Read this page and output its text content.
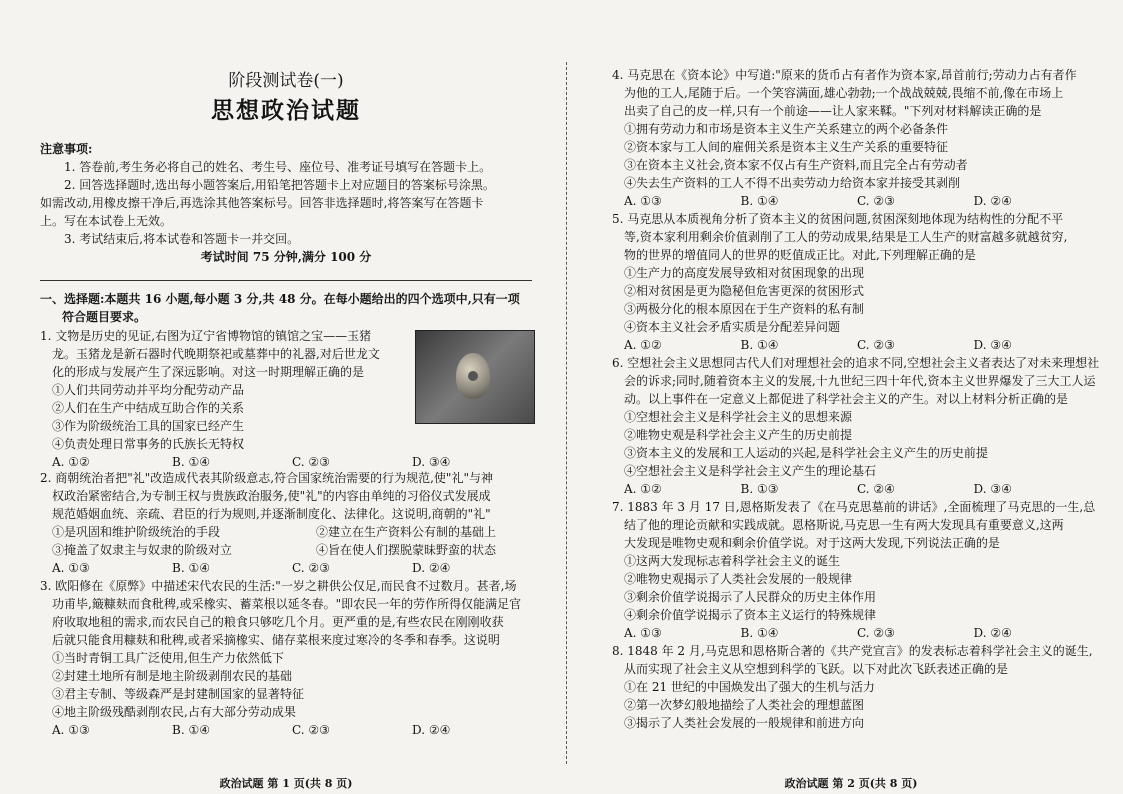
阶段测试卷(一)
思想政治试题
注意事项:
1. 答卷前,考生务必将自己的姓名、考生号、座位号、准考证号填写在答题卡上。
2. 回答选择题时,选出每小题答案后,用铅笔把答题卡上对应题目的答案标号涂黑。
如需改动,用橡皮擦干净后,再选涂其他答案标号。回答非选择题时,将答案写在答题卡
上。写在本试卷上无效。
3. 考试结束后,将本试卷和答题卡一并交回。
考试时间 75 分钟,满分 100 分
一、选择题:本题共 16 小题,每小题 3 分,共 48 分。在每小题给出的四个选项中,只有一项
符合题目要求。
1. 文物是历史的见证,右图为辽宁省博物馆的镇馆之宝——玉猪
龙。玉猪龙是新石器时代晚期祭祀或墓葬中的礼器,对后世龙文
化的形成与发展产生了深远影响。对这一时期理解正确的是
①人们共同劳动并平均分配劳动产品
②人们在生产中结成互助合作的关系
③作为阶级统治工具的国家已经产生
④负责处理日常事务的氏族长无特权
A. ①②	B. ①④	C. ②③	D. ③④
2. 商朝统治者把"礼"改造成代表其阶级意志,符合国家统治需要的行为规范,使"礼"与神
权政治紧密结合,为专制王权与贵族政治服务,使"礼"的内容由单纯的习俗仪式发展成
规范婚姻血统、亲疏、君臣的行为规则,并逐渐制度化、法律化。这说明,商朝的"礼"
①是巩固和维护阶级统治的手段	②建立在生产资料公有制的基础上
③掩盖了奴隶主与奴隶的阶级对立	④旨在使人们摆脱蒙昧野蛮的状态
A. ①③	B. ①④	C. ②③	D. ②④
3. 欧阳修在《原弊》中描述宋代农民的生活:"一岁之耕供公仅足,而民食不过数月。甚者,场
功甫毕,簸糠麸而食秕稗,或采橡实、蓄菜根以延冬春。"即农民一年的劳作所得仅能满足官
府收取地租的需求,而农民自己的粮食只够吃几个月。更严重的是,有些农民在刚刚收获
后就只能食用糠麸和秕稗,或者采摘橡实、储存菜根来度过寒冷的冬季和春季。这说明
①当时青铜工具广泛使用,但生产力依然低下
②封建土地所有制是地主阶级剥削农民的基础
③君主专制、等级森严是封建制国家的显著特征
④地主阶级残酷剥削农民,占有大部分劳动成果
A. ①③	B. ①④	C. ②③	D. ②④
政治试题 第 1 页(共 8 页)
4. 马克思在《资本论》中写道:"原来的货币占有者作为资本家,昂首前行;劳动力占有者作
为他的工人,尾随于后。一个笑容满面,雄心勃勃;一个战战兢兢,畏缩不前,像在市场上
出卖了自己的皮一样,只有一个前途——让人家来鞣。"下列对材料解读正确的是
①拥有劳动力和市场是资本主义生产关系建立的两个必备条件
②资本家与工人间的雇佣关系是资本主义生产关系的重要特征
③在资本主义社会,资本家不仅占有生产资料,而且完全占有劳动者
④失去生产资料的工人不得不出卖劳动力给资本家并接受其剥削
A. ①③	B. ①④	C. ②③	D. ②④
5. 马克思从本质视角分析了资本主义的贫困问题,贫困深刻地体现为结构性的分配不平
等,资本家利用剩余价值剥削了工人的劳动成果,结果是工人生产的财富越多就越贫穷,
物的世界的增值同人的世界的贬值成正比。对此,下列理解正确的是
①生产力的高度发展导致相对贫困现象的出现
②相对贫困是更为隐秘但危害更深的贫困形式
③两极分化的根本原因在于生产资料的私有制
④资本主义社会矛盾实质是分配差异问题
A. ①②	B. ①④	C. ②③	D. ③④
6. 空想社会主义思想同古代人们对理想社会的追求不同,空想社会主义者表达了对未来理想社
会的诉求;同时,随着资本主义的发展,十九世纪三四十年代,资本主义世界爆发了三大工人运
动。以上事件在一定意义上都促进了科学社会主义的产生。对以上材料分析正确的是
①空想社会主义是科学社会主义的思想来源
②唯物史观是科学社会主义产生的历史前提
③资本主义的发展和工人运动的兴起,是科学社会主义产生的历史前提
④空想社会主义是科学社会主义产生的理论基石
A. ①②	B. ①③	C. ②④	D. ③④
7. 1883 年 3 月 17 日,恩格斯发表了《在马克思墓前的讲话》,全面梳理了马克思的一生,总
结了他的理论贡献和实践成就。恩格斯说,马克思一生有两大发现具有重要意义,这两
大发现是唯物史观和剩余价值学说。对于这两大发现,下列说法正确的是
①这两大发现标志着科学社会主义的诞生
②唯物史观揭示了人类社会发展的一般规律
③剩余价值学说揭示了人民群众的历史主体作用
④剩余价值学说揭示了资本主义运行的特殊规律
A. ①③	B. ①④	C. ②③	D. ②④
8. 1848 年 2 月,马克思和恩格斯合著的《共产党宣言》的发表标志着科学社会主义的诞生,
从而实现了社会主义从空想到科学的飞跃。以下对此次飞跃表述正确的是
①在 21 世纪的中国焕发出了强大的生机与活力
②第一次梦幻般地描绘了人类社会的理想蓝图
③揭示了人类社会发展的一般规律和前进方向
政治试题 第 2 页(共 8 页)
